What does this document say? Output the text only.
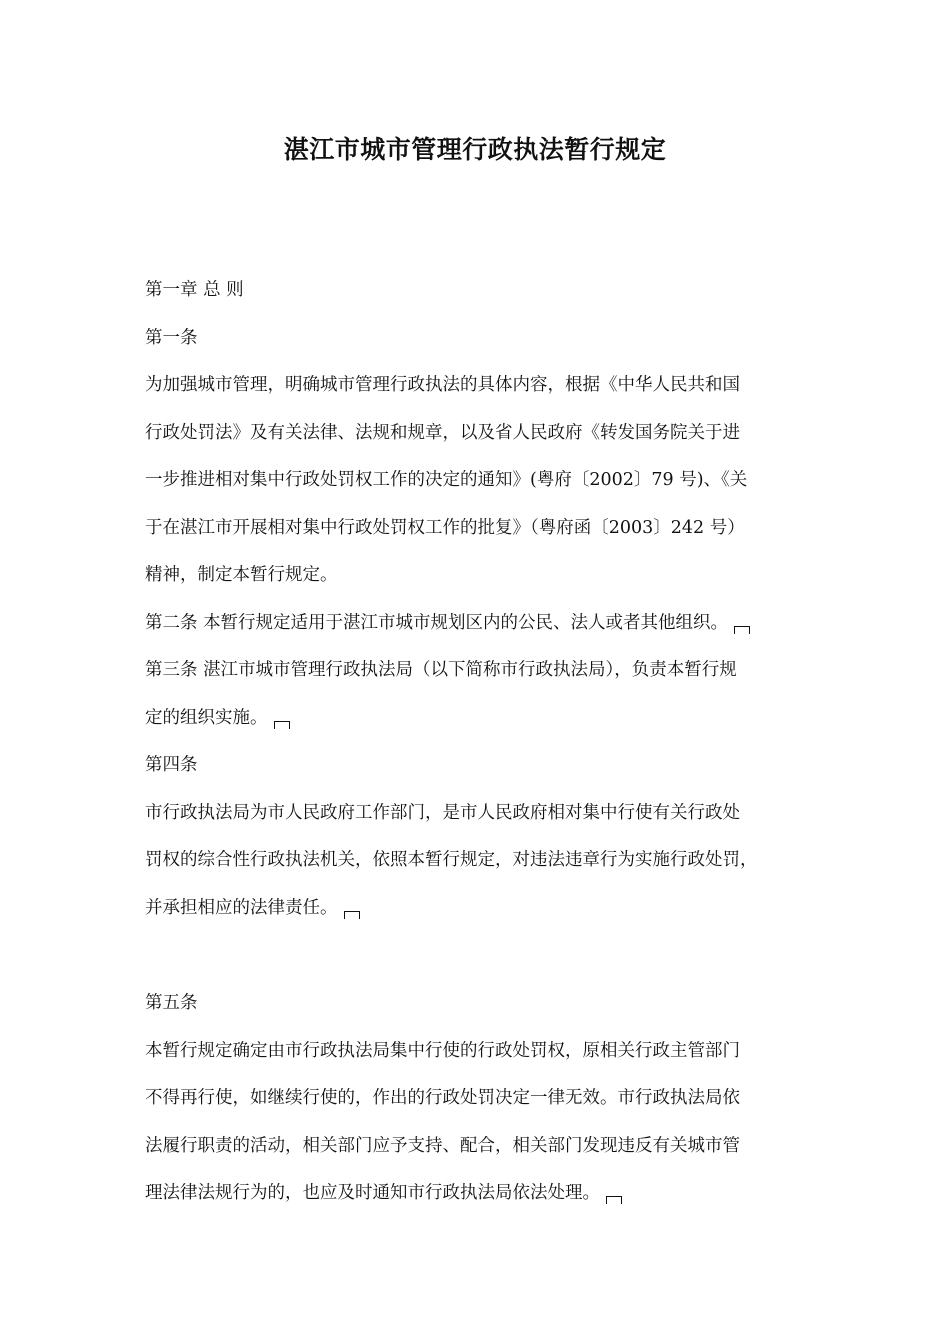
湛江市城市管理行政执法暂行规定
第一章 总 则
第一条
为加强城市管理，明确城市管理行政执法的具体内容，根据《中华人民共和国
行政处罚法》及有关法律、法规和规章，以及省人民政府《转发国务院关于进
一步推进相对集中行政处罚权工作的决定的通知》(粤府〔2002〕79 号)、《关
于在湛江市开展相对集中行政处罚权工作的批复》（粤府函〔2003〕242 号）
精神，制定本暂行规定。
第二条 本暂行规定适用于湛江市城市规划区内的公民、法人或者其他组织。
第三条 湛江市城市管理行政执法局（以下简称市行政执法局），负责本暂行规
定的组织实施。
第四条
市行政执法局为市人民政府工作部门，是市人民政府相对集中行使有关行政处
罚权的综合性行政执法机关，依照本暂行规定，对违法违章行为实施行政处罚，
并承担相应的法律责任。
第五条
本暂行规定确定由市行政执法局集中行使的行政处罚权，原相关行政主管部门
不得再行使，如继续行使的，作出的行政处罚决定一律无效。市行政执法局依
法履行职责的活动，相关部门应予支持、配合，相关部门发现违反有关城市管
理法律法规行为的，也应及时通知市行政执法局依法处理。
